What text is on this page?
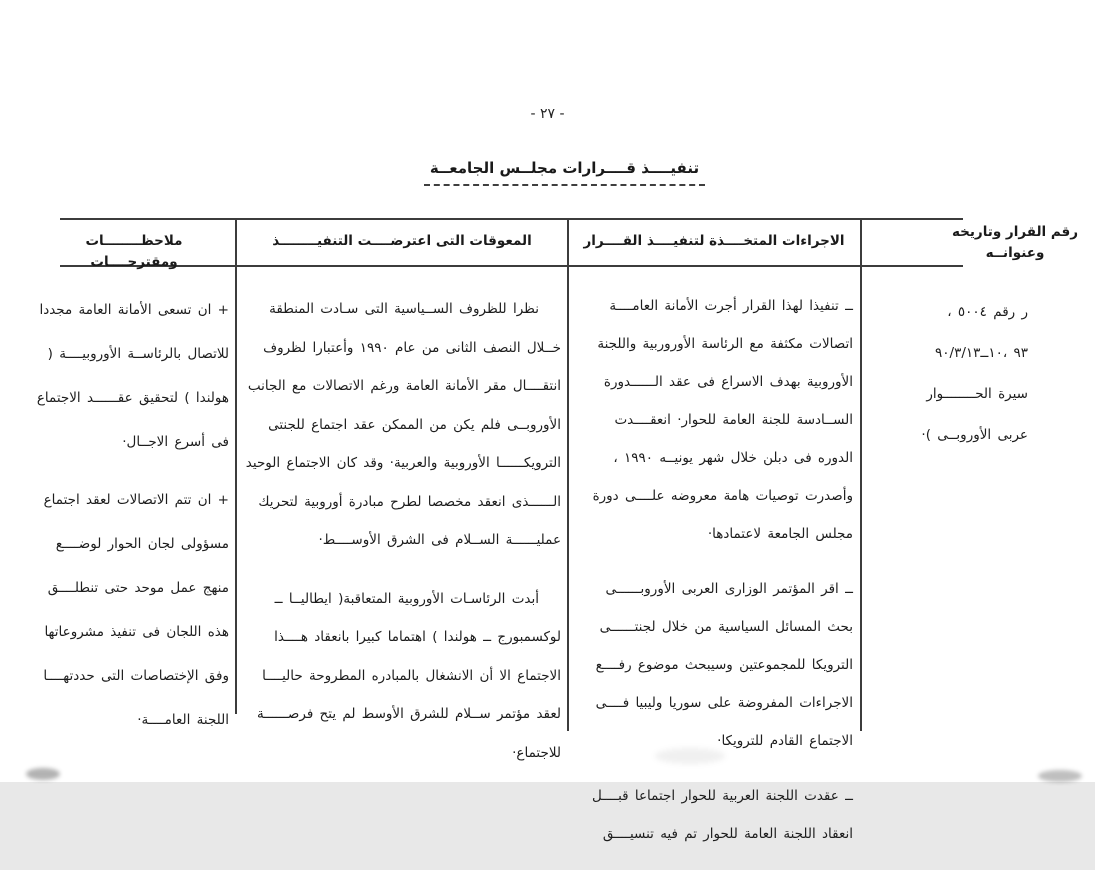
- ٢٧ -
تنفيــــذ قــــرارات مجلــس الجامعــة
رقم القرار وتاريخه وعنوانــه
الاجراءات المتخــــذة لتنفيــــذ القــــرار
المعوقات التى اعترضــــت التنفيــــــــذ
ملاحظــــــــات ومقترحــــات
ر رقم ٥٠٠٤ ،
٩٣ ،١٠ــ٩٠/٣/١٣
سيرة الحــــــــوار
عربى الأوروبــى )·

ــ تنفيذا لهذا القرار أجرت الأمانة العامــــة اتصالات مكثفة مع الرئاسة الأوروربية واللجنة الأوروبية بهدف الاسراع فى عقد الــــــدورة الســادسة للجنة العامة للحوار· انعقــــدت الدوره فى دبلن خلال شهر يونيــه ١٩٩٠ ، وأصدرت توصيات هامة معروضه علــــى دورة مجلس الجامعة لاعتمادها·

ــ اقر المؤتمر الوزارى العربى الأوروبــــــى بحث المسائل السياسية من خلال لجنتــــــى الترويكا للمجموعتين وسيبحث موضوع رفــــع الاجراءات المفروضة على سوريا وليبيا فــــى الاجتماع القادم للترويكا·

ــ عقدت اللجنة العربية للحوار اجتماعا قبــــل انعقاد اللجنة العامة للحوار تم فيه تنسيــــق

نظرا للظروف الســياسية التى سـادت المنطقة خــلال النصف الثانى من عام ١٩٩٠ وأعتبارا لظروف انتقــــال مقر الأمانة العامة ورغم الاتصالات مع الجانب الأوروبــى فلم يكن من الممكن عقد اجتماع للجنتى الترويكــــــا الأوروبية والعربية· وقد كان الاجتماع الوحيد الــــــذى انعقد مخصصا لطرح مبادرة أوروبية لتحريك عمليــــــة الســلام فى الشرق الأوســــط·

أبدت الرئاسـات الأوروبية المتعاقبة( ايطاليــا ــ لوكسمبورج ــ هولندا ) اهتماما كبيرا بانعقاد هــــذا الاجتماع الا أن الانشغال بالمبادره المطروحة حاليــــا لعقد مؤتمر ســلام للشرق الأوسط لم يتح فرصــــــة للاجتماع·

+ ان تسعى الأمانة العامة مجددا للاتصال بالرئاســة الأوروبيــــة ( هولندا ) لتحقيق عقــــــد الاجتماع فى أسرع الاجــال·

+ ان تتم الاتصالات لعقد اجتماع مسؤولى لجان الحوار لوضــــع منهج عمل موحد حتى تنطلــــق هذه اللجان فى تنفيذ مشروعاتها وفق الإختصاصات التى حددتهــــا اللجنة العامــــة·
